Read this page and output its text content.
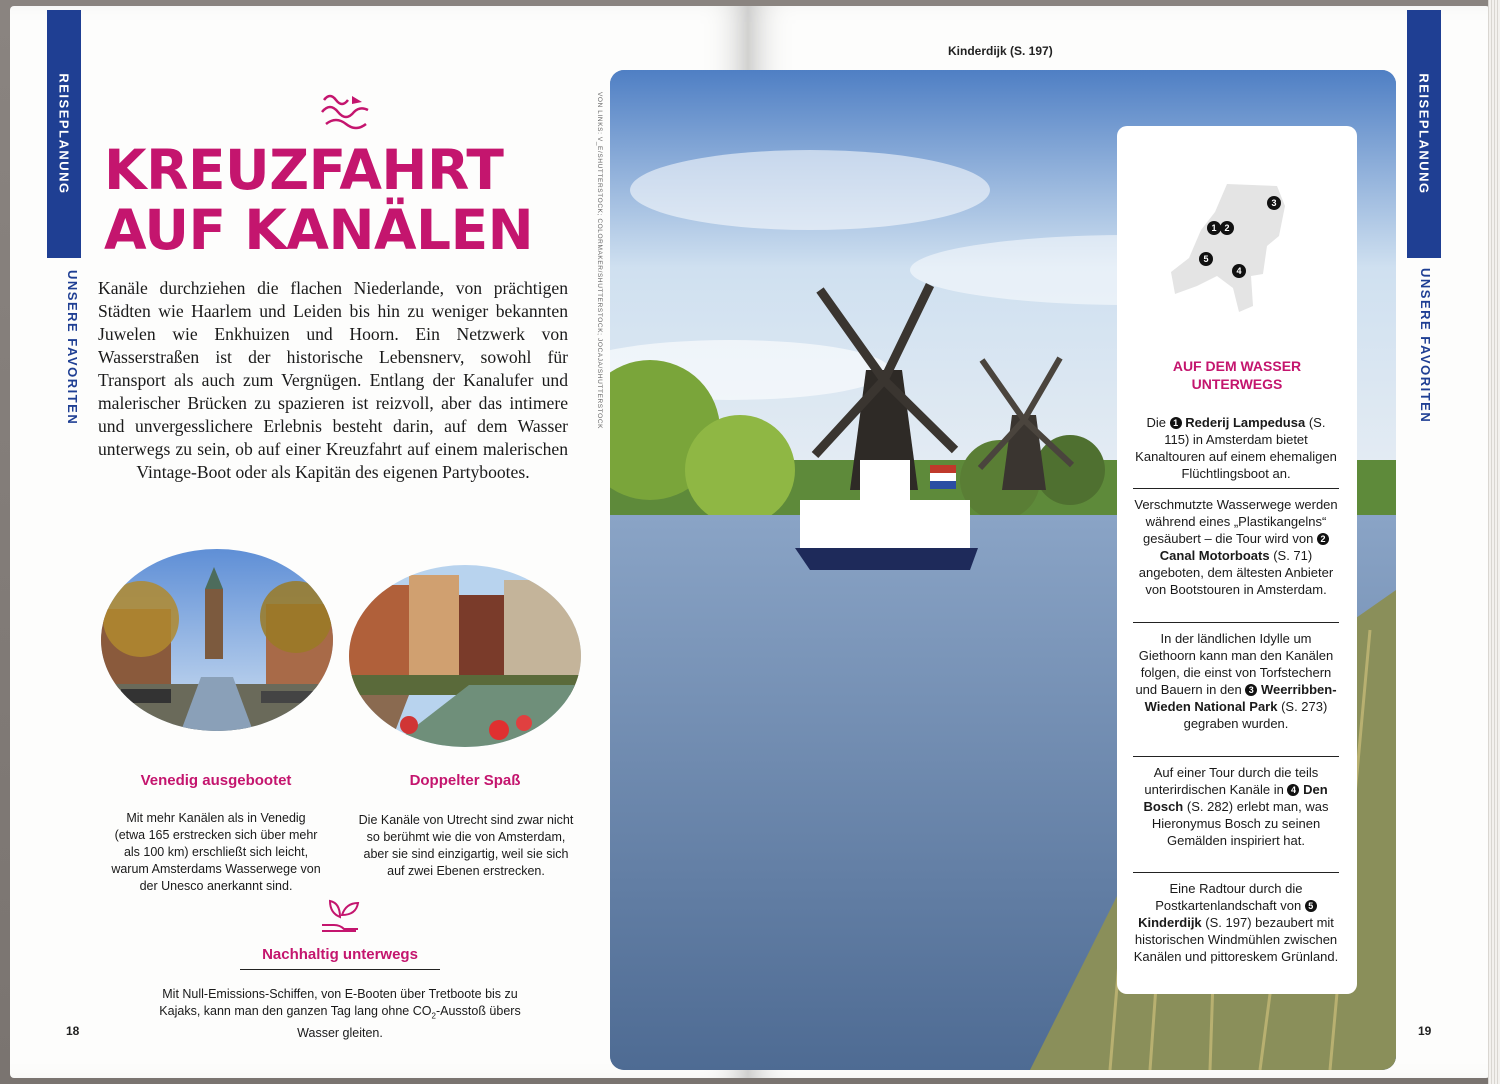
REISEPLANUNG
UNSERE FAVORITEN
KREUZFAHRT
AUF KANÄLEN
Kanäle durchziehen die flachen Niederlande, von prächtigen Städten wie Haarlem und Leiden bis hin zu weniger bekannten Juwelen wie Enkhuizen und Hoorn. Ein Netzwerk von Wasserstraßen ist der historische Lebensnerv, sowohl für Transport als auch zum Vergnügen. Entlang der Kanalufer und malerischer Brücken zu spazieren ist reizvoll, aber das intimere und unvergesslichere Erlebnis besteht darin, auf dem Wasser unterwegs zu sein, ob auf einer Kreuzfahrt auf einem malerischen Vintage-Boot oder als Kapitän des eigenen Partybootes.
Venedig ausgebootet
Mit mehr Kanälen als in Venedig (etwa 165 erstrecken sich über mehr als 100 km) erschließt sich leicht, warum Amsterdams Wasserwege von der Unesco anerkannt sind.
Doppelter Spaß
Die Kanäle von Utrecht sind zwar nicht so berühmt wie die von Amsterdam, aber sie sind einzigartig, weil sie sich auf zwei Ebenen erstrecken.
Nachhaltig unterwegs
Mit Null-Emissions-Schiffen, von E-Booten über Tretboote bis zu Kajaks, kann man den ganzen Tag lang ohne $CO_2$-Ausstoß übers Wasser gleiten.
18
VON LINKS: V_E/SHUTTERSTOCK; COLORMAKER/SHUTTERSTOCK; JOCAJA/SHUTTERSTOCK
Kinderdijk (S. 197)
1 2
3
4
5
AUF DEM WASSER
UNTERWEGS
Die 1 Rederij Lampedusa (S. 115) in Amsterdam bietet Kanaltouren auf einem ehemaligen Flüchtlingsboot an.
Verschmutzte Wasserwege werden während eines „Plastikangelns“ gesäubert – die Tour wird von 2 Canal Motorboats (S. 71) angeboten, dem ältesten Anbieter von Bootstouren in Amsterdam.
In der ländlichen Idylle um Giethoorn kann man den Kanälen folgen, die einst von Torfstechern und Bauern in den 3 Weerribben-Wieden National Park (S. 273) gegraben wurden.
Auf einer Tour durch die teils unterirdischen Kanäle in 4 Den Bosch (S. 282) erlebt man, was Hieronymus Bosch zu seinen Gemälden inspiriert hat.
Eine Radtour durch die Postkartenlandschaft von 5 Kinderdijk (S. 197) bezaubert mit historischen Windmühlen zwischen Kanälen und pittoreskem Grünland.
REISEPLANUNG
UNSERE FAVORITEN
19
